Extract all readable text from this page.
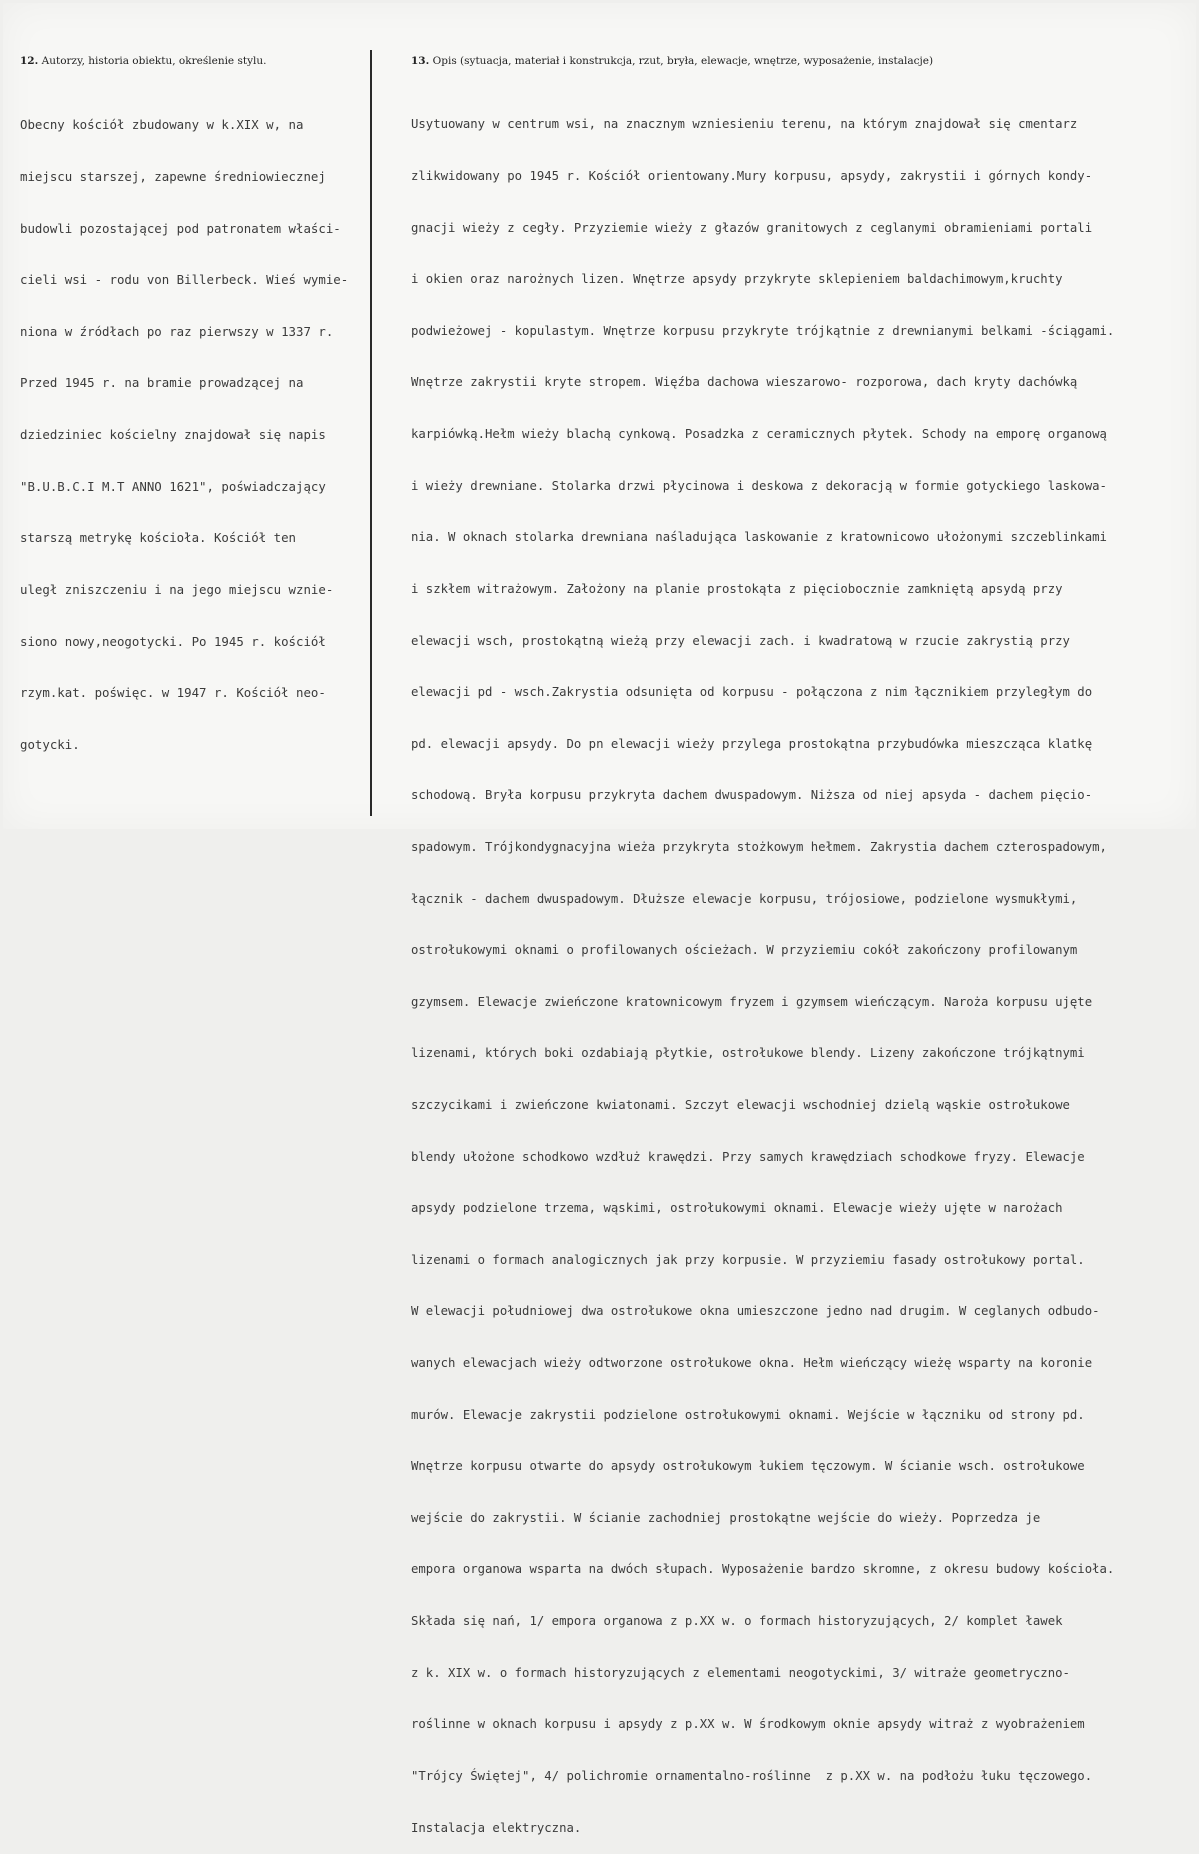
12. Autorzy, historia obiektu, określenie stylu.	13. Opis (sytuacja, materiał i konstrukcja, rzut, bryła, elewacje, wnętrze, wyposażenie, instalacje)

Obecny kościół zbudowany w k.XIX w, na

miejscu starszej, zapewne średniowiecznej

budowli pozostającej pod patronatem właści-

cieli wsi - rodu von Billerbeck. Wieś wymie-

niona w źródłach po raz pierwszy w 1337 r.

Przed 1945 r. na bramie prowadzącej na

dziedziniec kościelny znajdował się napis

"B.U.B.C.I M.T ANNO 1621", poświadczający

starszą metrykę kościoła. Kościół ten

uległ zniszczeniu i na jego miejscu wznie-

siono nowy,neogotycki. Po 1945 r. kościół

rzym.kat. poświęc. w 1947 r. Kościół neo-

gotycki.

Usytuowany w centrum wsi, na znacznym wzniesieniu terenu, na którym znajdował się cmentarz

zlikwidowany po 1945 r. Kościół orientowany.Mury korpusu, apsydy, zakrystii i górnych kondy-

gnacji wieży z cegły. Przyziemie wieży z głazów granitowych z ceglanymi obramieniami portali

i okien oraz narożnych lizen. Wnętrze apsydy przykryte sklepieniem baldachimowym,kruchty

podwieżowej - kopulastym. Wnętrze korpusu przykryte trójkątnie z drewnianymi belkami -ściągami.

Wnętrze zakrystii kryte stropem. Więźba dachowa wieszarowo- rozporowa, dach kryty dachówką

karpiówką.Hełm wieży blachą cynkową. Posadzka z ceramicznych płytek. Schody na emporę organową

i wieży drewniane. Stolarka drzwi płycinowa i deskowa z dekoracją w formie gotyckiego laskowa-

nia. W oknach stolarka drewniana naśladująca laskowanie z kratownicowo ułożonymi szczeblinkami

i szkłem witrażowym. Założony na planie prostokąta z pięciobocznie zamkniętą apsydą przy

elewacji wsch, prostokątną wieżą przy elewacji zach. i kwadratową w rzucie zakrystią przy

elewacji pd - wsch.Zakrystia odsunięta od korpusu - połączona z nim łącznikiem przyległym do

pd. elewacji apsydy. Do pn elewacji wieży przylega prostokątna przybudówka mieszcząca klatkę

schodową. Bryła korpusu przykryta dachem dwuspadowym. Niższa od niej apsyda - dachem pięcio-

spadowym. Trójkondygnacyjna wieża przykryta stożkowym hełmem. Zakrystia dachem czterospadowym,

łącznik - dachem dwuspadowym. Dłuższe elewacje korpusu, trójosiowe, podzielone wysmukłymi,

ostrołukowymi oknami o profilowanych ościeżach. W przyziemiu cokół zakończony profilowanym

gzymsem. Elewacje zwieńczone kratownicowym fryzem i gzymsem wieńczącym. Naroża korpusu ujęte

lizenami, których boki ozdabiają płytkie, ostrołukowe blendy. Lizeny zakończone trójkątnymi

szczycikami i zwieńczone kwiatonami. Szczyt elewacji wschodniej dzielą wąskie ostrołukowe

blendy ułożone schodkowo wzdłuż krawędzi. Przy samych krawędziach schodkowe fryzy. Elewacje

apsydy podzielone trzema, wąskimi, ostrołukowymi oknami. Elewacje wieży ujęte w narożach

lizenami o formach analogicznych jak przy korpusie. W przyziemiu fasady ostrołukowy portal.

W elewacji południowej dwa ostrołukowe okna umieszczone jedno nad drugim. W ceglanych odbudo-

wanych elewacjach wieży odtworzone ostrołukowe okna. Hełm wieńczący wieżę wsparty na koronie

murów. Elewacje zakrystii podzielone ostrołukowymi oknami. Wejście w łączniku od strony pd.

Wnętrze korpusu otwarte do apsydy ostrołukowym łukiem tęczowym. W ścianie wsch. ostrołukowe

wejście do zakrystii. W ścianie zachodniej prostokątne wejście do wieży. Poprzedza je

empora organowa wsparta na dwóch słupach. Wyposażenie bardzo skromne, z okresu budowy kościoła.

Składa się nań, 1/ empora organowa z p.XX w. o formach historyzujących, 2/ komplet ławek

z k. XIX w. o formach historyzujących z elementami neogotyckimi, 3/ witraże geometryczno-

roślinne w oknach korpusu i apsydy z p.XX w. W środkowym oknie apsydy witraż z wyobrażeniem

"Trójcy Świętej", 4/ polichromie ornamentalno-roślinne  z p.XX w. na podłożu łuku tęczowego.

Instalacja elektryczna.
